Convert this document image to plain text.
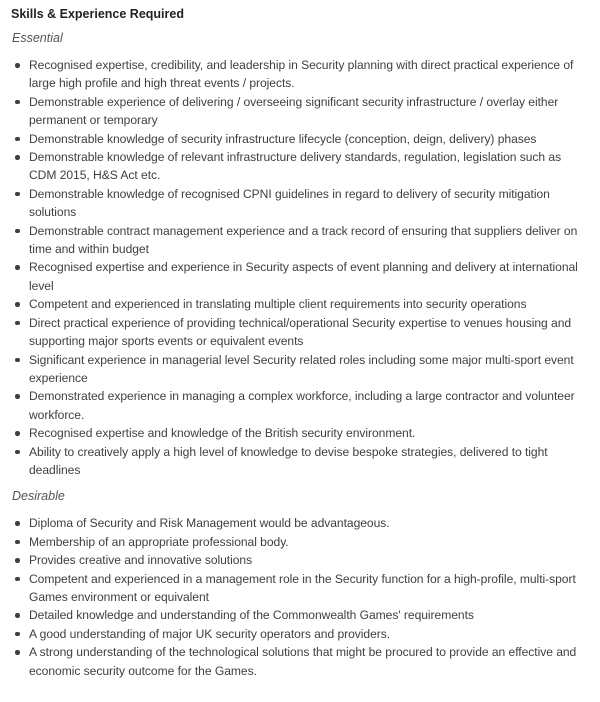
Skills & Experience Required
Essential
Recognised expertise, credibility, and leadership in Security planning with direct practical experience of large high profile and high threat events / projects.
Demonstrable experience of delivering / overseeing significant security infrastructure / overlay either permanent or temporary
Demonstrable knowledge of security infrastructure lifecycle (conception, deign, delivery) phases
Demonstrable knowledge of relevant infrastructure delivery standards, regulation, legislation such as CDM 2015, H&S Act etc.
Demonstrable knowledge of recognised CPNI guidelines in regard to delivery of security mitigation solutions
Demonstrable contract management experience and a track record of ensuring that suppliers deliver on time and within budget
Recognised expertise and experience in Security aspects of event planning and delivery at international level
Competent and experienced in translating multiple client requirements into security operations
Direct practical experience of providing technical/operational Security expertise to venues housing and supporting major sports events or equivalent events
Significant experience in managerial level Security related roles including some major multi-sport event experience
Demonstrated experience in managing a complex workforce, including a large contractor and volunteer workforce.
Recognised expertise and knowledge of the British security environment.
Ability to creatively apply a high level of knowledge to devise bespoke strategies, delivered to tight deadlines
Desirable
Diploma of Security and Risk Management would be advantageous.
Membership of an appropriate professional body.
Provides creative and innovative solutions
Competent and experienced in a management role in the Security function for a high-profile, multi-sport Games environment or equivalent
Detailed knowledge and understanding of the Commonwealth Games' requirements
A good understanding of major UK security operators and providers.
A strong understanding of the technological solutions that might be procured to provide an effective and economic security outcome for the Games.
